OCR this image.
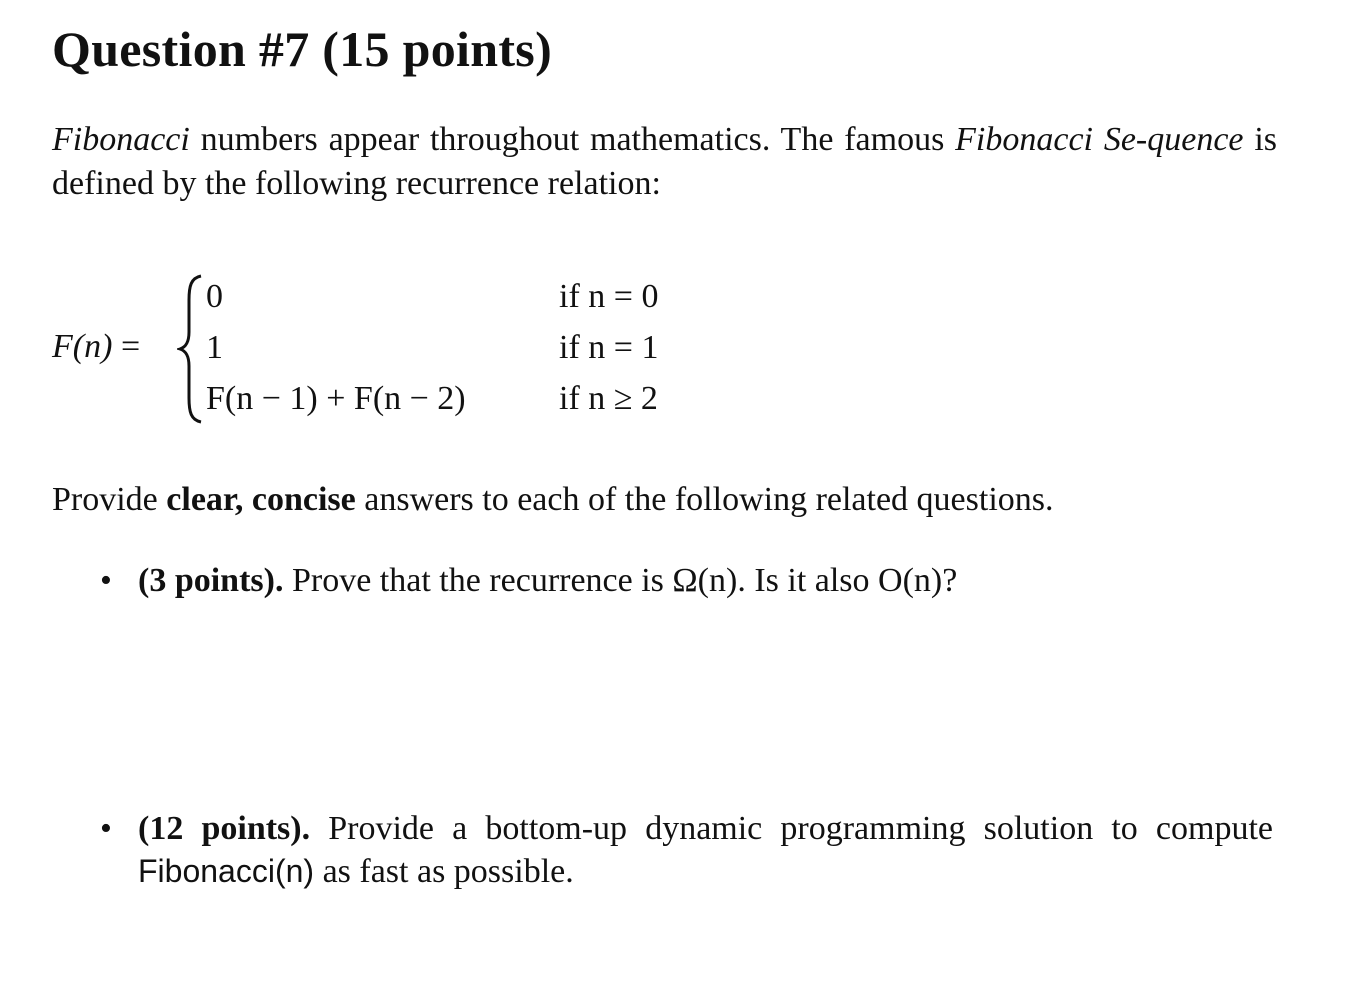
Question #7 (15 points)

Fibonacci numbers appear throughout mathematics. The famous Fibonacci Se-quence is defined by the following recurrence relation:

F(n) =
0	if n = 0
1	if n = 1
F(n − 1) + F(n − 2)	if n ≥ 2

Provide clear, concise answers to each of the following related questions.

• (3 points). Prove that the recurrence is Ω(n). Is it also O(n)?
• (12 points). Provide a bottom-up dynamic programming solution to compute Fibonacci(n) as fast as possible.
